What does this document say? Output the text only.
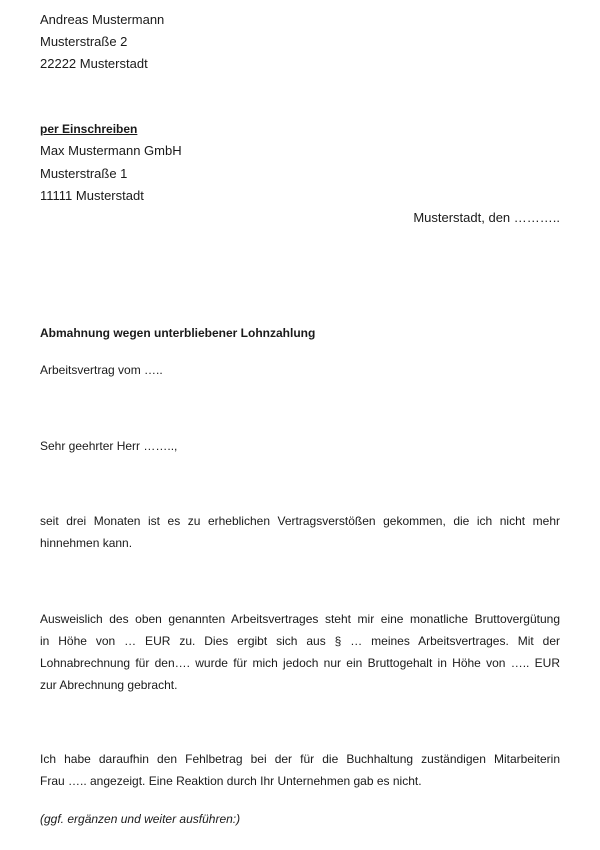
Andreas Mustermann
Musterstraße 2
22222 Musterstadt
per Einschreiben
Max Mustermann GmbH
Musterstraße 1
11111 Musterstadt
Musterstadt, den ………..
Abmahnung wegen unterbliebener Lohnzahlung
Arbeitsvertrag vom …..
Sehr geehrter Herr ……..,
seit drei Monaten ist es zu erheblichen Vertragsverstößen gekommen, die ich nicht mehr
hinnehmen kann.
Ausweislich des oben genannten Arbeitsvertrages steht mir eine monatliche Bruttovergütung
in Höhe von … EUR zu. Dies ergibt sich aus § … meines Arbeitsvertrages. Mit der
Lohnabrechnung für den…. wurde für mich jedoch nur ein Bruttogehalt in Höhe von ….. EUR
zur Abrechnung gebracht.
Ich habe daraufhin den Fehlbetrag bei der für die Buchhaltung zuständigen Mitarbeiterin
Frau ….. angezeigt. Eine Reaktion durch Ihr Unternehmen gab es nicht.
(ggf. ergänzen und weiter ausführen:)
